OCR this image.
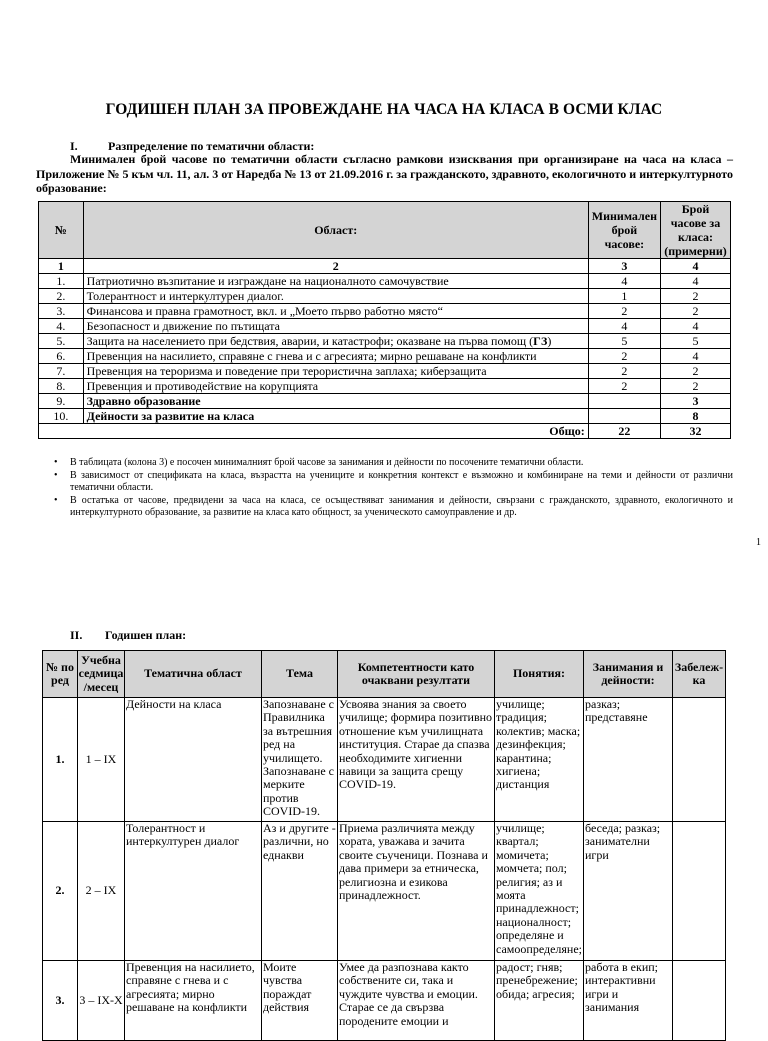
ГОДИШЕН ПЛАН ЗА ПРОВЕЖДАНЕ НА ЧАСА НА КЛАСА В ОСМИ КЛАС
I.	Разпределение по тематични области:
Минимален брой часове по тематични области съгласно рамкови изисквания при организиране на часа на класа – Приложение № 5 към чл. 11, ал. 3 от Наредба № 13 от 21.09.2016 г. за гражданското, здравното, екологичното и интеркултурното образование:
№	Област:	Минимален брой часове:	Брой часове за класа: (примерни)
1	2	3	4
1.	Патриотично възпитание и изграждане на националното самочувствие	4	4
2.	Толерантност и интеркултурен диалог.	1	2
3.	Финансова и правна грамотност, вкл. и „Моето първо работно място“	2	2
4.	Безопасност и движение по пътищата	4	4
5.	Защита на населението при бедствия, аварии, и катастрофи; оказване на първа помощ (ГЗ)	5	5
6.	Превенция на насилието, справяне с гнева и с агресията; мирно решаване на конфликти	2	4
7.	Превенция на тероризма и поведение при терористична заплаха; киберзащита	2	2
8.	Превенция и противодействие на корупцията	2	2
9.	Здравно образование		3
10.	Дейности за развитие на класа		8
Общо:		22	32
• В таблицата (колона 3) е посочен минималният брой часове за занимания и дейности по посочените тематични области.
• В зависимост от спецификата на класа, възрастта на учениците и конкретния контекст е възможно и комбиниране на теми и дейности от различни тематични области.
• В остатъка от часове, предвидени за часа на класа, се осъществяват занимания и дейности, свързани с гражданското, здравното, екологичното и интеркултурното образование, за развитие на класа като общност, за ученическото самоуправление и др.
1
II. Годишен план:
№ по ред	Учебна седмица /месец	Тематична област	Тема	Компетентности като очаквани резултати	Понятия:	Занимания и дейности:	Забележ-ка
1.	1 – IX	Дейности на класа	Запознаване с Правилника за вътрешния ред на училището. Запознаване с мерките против COVID-19.	Усвоява знания за своето училище; формира позитивно отношение към училищната институция. Старае да спазва необходимите хигиенни навици за защита срещу COVID-19.	училище; традиция; колектив; маска; дезинфекция; карантина; хигиена; дистанция	разказ; представяне	
2.	2 – IX	Толерантност и интеркултурен диалог	Аз и другите - различни, но еднакви	Приема различията между хората, уважава и зачита своите съученици. Познава и дава примери за етническа, религиозна и езикова принадлежност.	училище; квартал; момичета; момчета; пол; религия; аз и моята принадлежност; националност; определяне и самоопределяне;	беседа; разказ; занимателни игри	
3.	3 – IX-X	Превенция на насилието, справяне с гнева и с агресията; мирно решаване на конфликти	Моите чувства пораждат действия	Умее да разпознава както собствените си, така и чуждите чувства и емоции. Старае се да свързва породените емоции и	радост; гняв; пренебрежение; обида; агресия;	работа в екип; интерактивни игри и занимания	
